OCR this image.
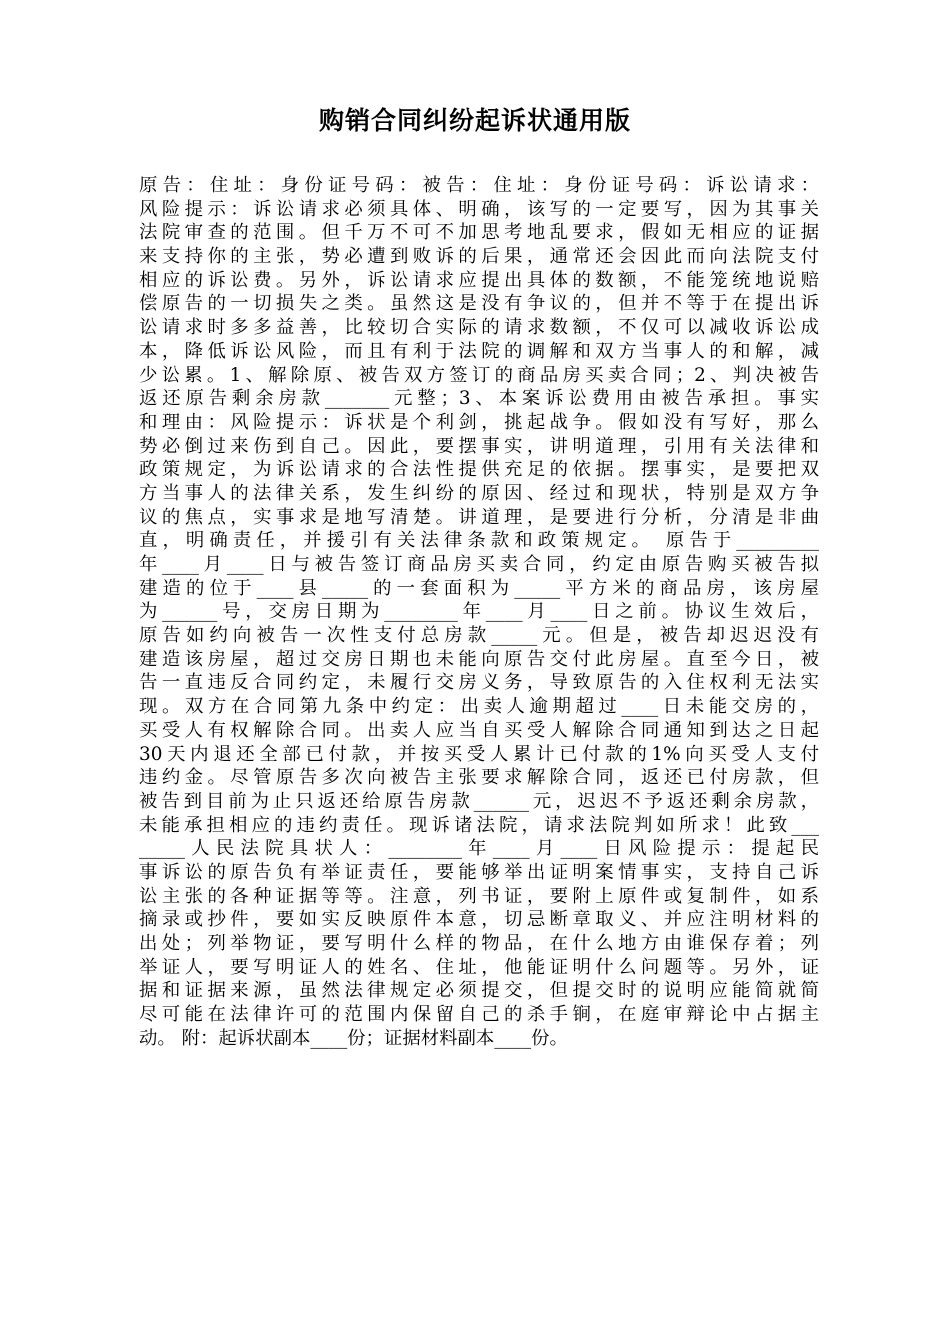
购销合同纠纷起诉状通用版
原告：住址：身份证号码：被告：住址：身份证号码：诉讼请求：
风险提示：诉讼请求必须具体、明确，该写的一定要写，因为其事关
法院审查的范围。但千万不可不加思考地乱要求，假如无相应的证据
来支持你的主张，势必遭到败诉的后果，通常还会因此而向法院支付
相应的诉讼费。另外，诉讼请求应提出具体的数额，不能笼统地说赔
偿原告的一切损失之类。虽然这是没有争议的，但并不等于在提出诉
讼请求时多多益善，比较切合实际的请求数额，不仅可以减收诉讼成
本，降低诉讼风险，而且有利于法院的调解和双方当事人的和解，减
少讼累。1、解除原、被告双方签订的商品房买卖合同；2、判决被告
返还原告剩余房款_______元整；3、本案诉讼费用由被告承担。事实
和理由：风险提示：诉状是个利剑，挑起战争。假如没有写好，那么
势必倒过来伤到自己。因此，要摆事实，讲明道理，引用有关法律和
政策规定，为诉讼请求的合法性提供充足的依据。摆事实，是要把双
方当事人的法律关系，发生纠纷的原因、经过和现状，特别是双方争
议的焦点，实事求是地写清楚。讲道理，是要进行分析，分清是非曲
直，明确责任，并援引有关法律条款和政策规定。 原告于_________
年____月____日与被告签订商品房买卖合同，约定由原告购买被告拟
建造的位于____县_____的一套面积为_____平方米的商品房，该房屋
为______号，交房日期为________年____月____日之前。协议生效后，
原告如约向被告一次性支付总房款_____元。但是，被告却迟迟没有
建造该房屋，超过交房日期也未能向原告交付此房屋。直至今日，被
告一直违反合同约定，未履行交房义务，导致原告的入住权利无法实
现。双方在合同第九条中约定：出卖人逾期超过____日未能交房的，
买受人有权解除合同。出卖人应当自买受人解除合同通知到达之日起
30天内退还全部已付款，并按买受人累计已付款的1%向买受人支付
违约金。尽管原告多次向被告主张要求解除合同，返还已付房款，但
被告到目前为止只返还给原告房款______元，迟迟不予返还剩余房款，
未能承担相应的违约责任。现诉诸法院，请求法院判如所求！此致___
_____人民法院具状人：________年____月____日风险提示：提起民
事诉讼的原告负有举证责任，要能够举出证明案情事实，支持自己诉
讼主张的各种证据等等。注意，列书证，要附上原件或复制件，如系
摘录或抄件，要如实反映原件本意，切忌断章取义、并应注明材料的
出处；列举物证，要写明什么样的物品，在什么地方由谁保存着；列
举证人，要写明证人的姓名、住址，他能证明什么问题等。另外，证
据和证据来源，虽然法律规定必须提交，但提交时的说明应能简就简
尽可能在法律许可的范围内保留自己的杀手锏，在庭审辩论中占据主
动。 附：起诉状副本____份；证据材料副本____份。
